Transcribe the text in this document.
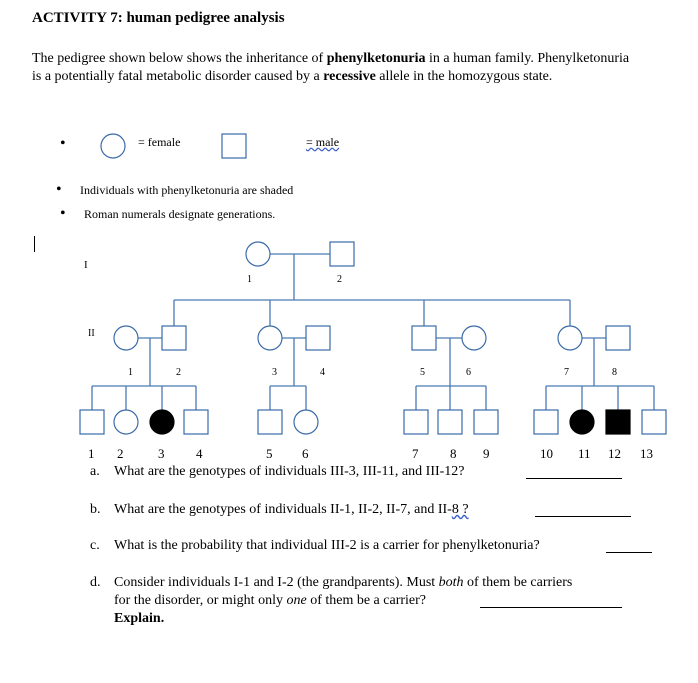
ACTIVITY 7: human pedigree analysis
The pedigree shown below shows the inheritance of phenylketonuria in a human family. Phenylketonuria is a potentially fatal metabolic disorder caused by a recessive allele in the homozygous state.
•	= female	= male
• Individuals with phenylketonuria are shaded
• Roman numerals designate generations.
I
II
1	2
1	2	3	4	5	6	7	8
1 2	3 4	5 6	7 8 9	10 11 12 13
a. What are the genotypes of individuals III-3, III-11, and III-12?
b. What are the genotypes of individuals II-1, II-2, II-7, and II-8 ?
c. What is the probability that individual III-2 is a carrier for phenylketonuria?
d. Consider individuals I-1 and I-2 (the grandparents). Must both of them be carriers
for the disorder, or might only one of them be a carrier?
Explain.
